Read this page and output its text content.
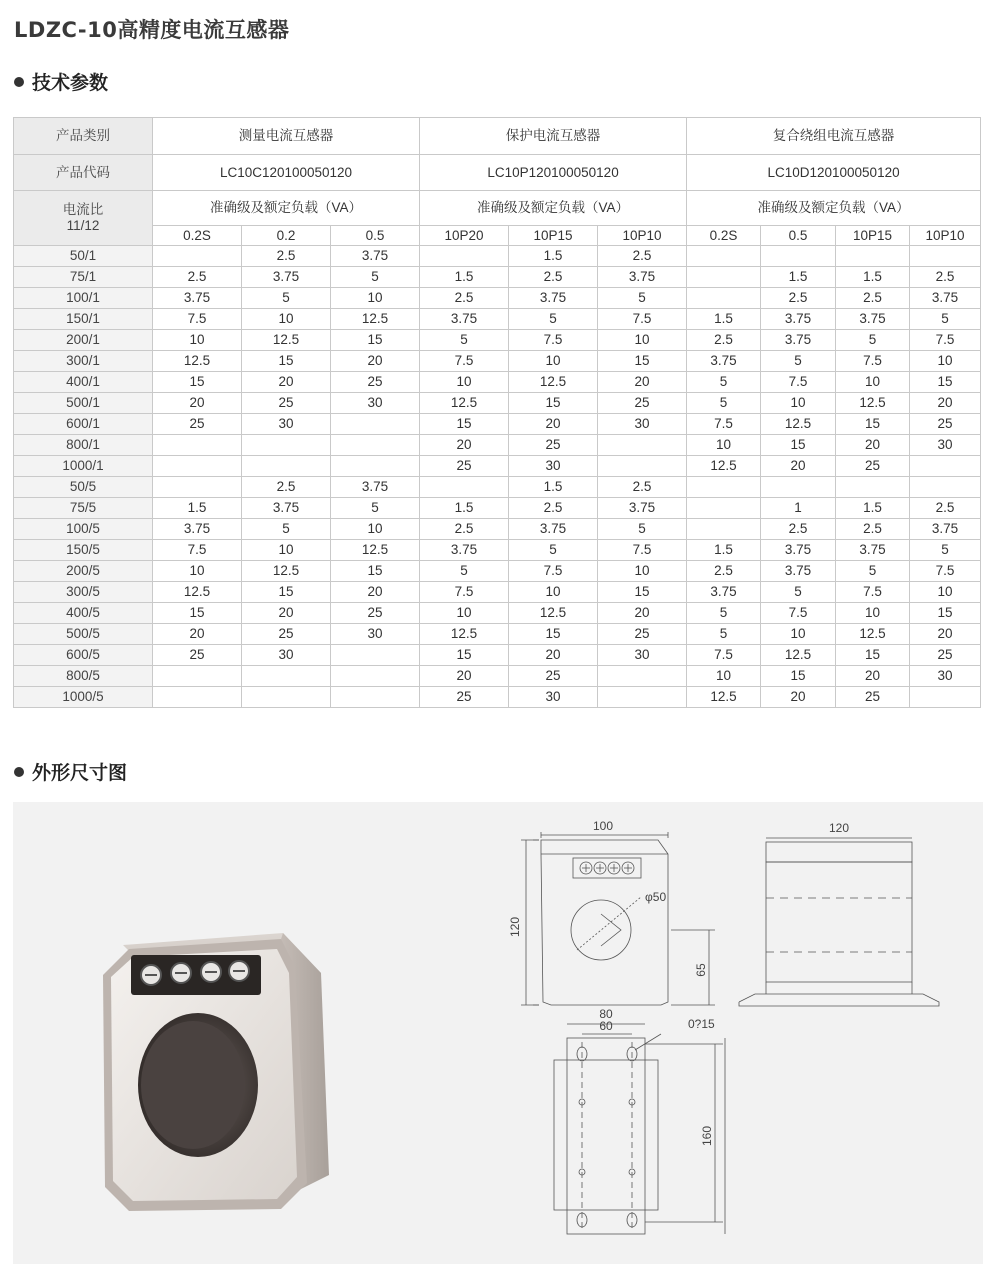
LDZC-10高精度电流互感器
技术参数
产品类别	测量电流互感器			保护电流互感器			复合绕组电流互感器			
产品代码	LC10C120100050120			LC10P120100050120			LC10D120100050120			
电流比
11/12	准确级及额定负载（VA）			准确级及额定负载（VA）			准确级及额定负载（VA）			
	0.2S	0.2	0.5	10P20	10P15	10P10	0.2S	0.5	10P15	10P10
50/1		2.5	3.75		1.5	2.5				
75/1	2.5	3.75	5	1.5	2.5	3.75		1.5	1.5	2.5
100/1	3.75	5	10	2.5	3.75	5		2.5	2.5	3.75
150/1	7.5	10	12.5	3.75	5	7.5	1.5	3.75	3.75	5
200/1	10	12.5	15	5	7.5	10	2.5	3.75	5	7.5
300/1	12.5	15	20	7.5	10	15	3.75	5	7.5	10
400/1	15	20	25	10	12.5	20	5	7.5	10	15
500/1	20	25	30	12.5	15	25	5	10	12.5	20
600/1	25	30		15	20	30	7.5	12.5	15	25
800/1				20	25		10	15	20	30
1000/1				25	30		12.5	20	25	
50/5		2.5	3.75		1.5	2.5				
75/5	1.5	3.75	5	1.5	2.5	3.75		1	1.5	2.5
100/5	3.75	5	10	2.5	3.75	5		2.5	2.5	3.75
150/5	7.5	10	12.5	3.75	5	7.5	1.5	3.75	3.75	5
200/5	10	12.5	15	5	7.5	10	2.5	3.75	5	7.5
300/5	12.5	15	20	7.5	10	15	3.75	5	7.5	10
400/5	15	20	25	10	12.5	20	5	7.5	10	15
500/5	20	25	30	12.5	15	25	5	10	12.5	20
600/5	25	30		15	20	30	7.5	12.5	15	25
800/5				20	25		10	15	20	30
1000/5				25	30		12.5	20	25	
外形尺寸图
100
120
φ50
65
120
80
60	0?15
160
